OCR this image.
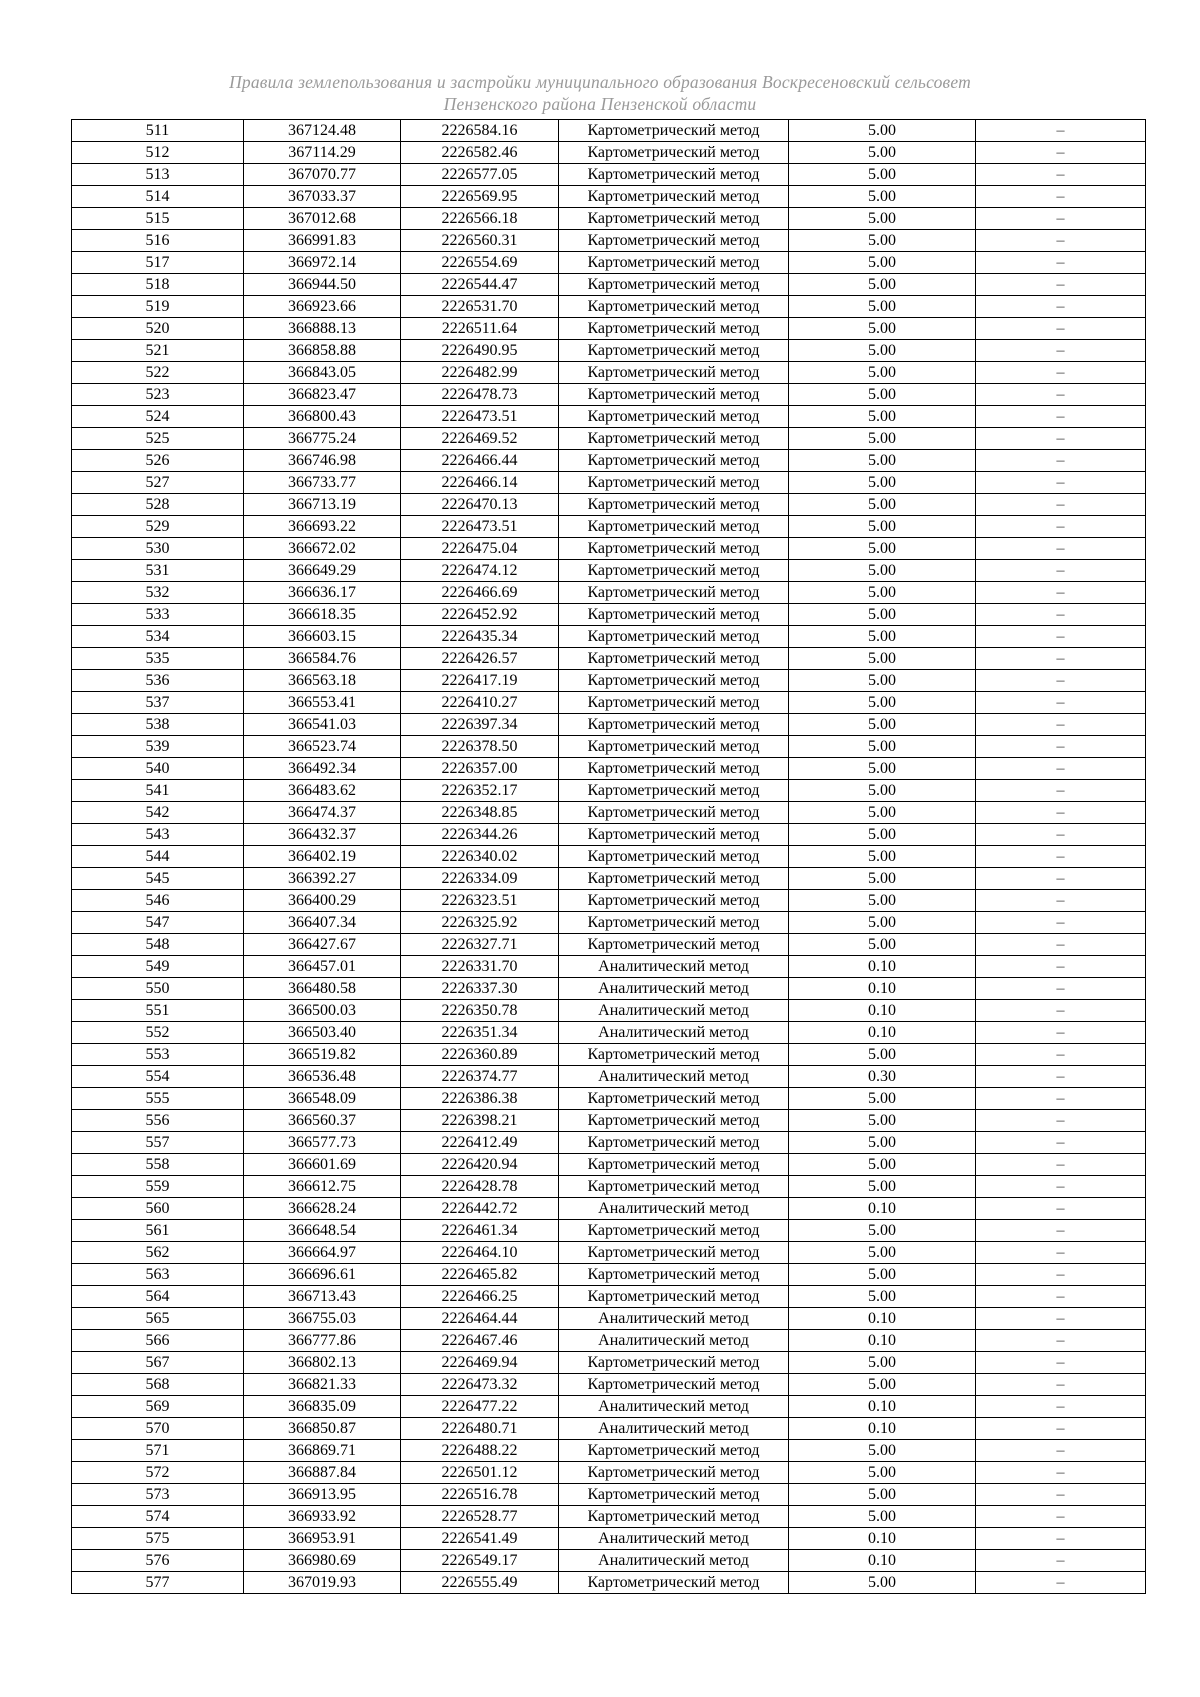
Правила землепользования и застройки муниципального образования Воскресеновский сельсовет
Пензенского района Пензенской области
511	367124.48	2226584.16	Картометрический метод	5.00	–
512	367114.29	2226582.46	Картометрический метод	5.00	–
513	367070.77	2226577.05	Картометрический метод	5.00	–
514	367033.37	2226569.95	Картометрический метод	5.00	–
515	367012.68	2226566.18	Картометрический метод	5.00	–
516	366991.83	2226560.31	Картометрический метод	5.00	–
517	366972.14	2226554.69	Картометрический метод	5.00	–
518	366944.50	2226544.47	Картометрический метод	5.00	–
519	366923.66	2226531.70	Картометрический метод	5.00	–
520	366888.13	2226511.64	Картометрический метод	5.00	–
521	366858.88	2226490.95	Картометрический метод	5.00	–
522	366843.05	2226482.99	Картометрический метод	5.00	–
523	366823.47	2226478.73	Картометрический метод	5.00	–
524	366800.43	2226473.51	Картометрический метод	5.00	–
525	366775.24	2226469.52	Картометрический метод	5.00	–
526	366746.98	2226466.44	Картометрический метод	5.00	–
527	366733.77	2226466.14	Картометрический метод	5.00	–
528	366713.19	2226470.13	Картометрический метод	5.00	–
529	366693.22	2226473.51	Картометрический метод	5.00	–
530	366672.02	2226475.04	Картометрический метод	5.00	–
531	366649.29	2226474.12	Картометрический метод	5.00	–
532	366636.17	2226466.69	Картометрический метод	5.00	–
533	366618.35	2226452.92	Картометрический метод	5.00	–
534	366603.15	2226435.34	Картометрический метод	5.00	–
535	366584.76	2226426.57	Картометрический метод	5.00	–
536	366563.18	2226417.19	Картометрический метод	5.00	–
537	366553.41	2226410.27	Картометрический метод	5.00	–
538	366541.03	2226397.34	Картометрический метод	5.00	–
539	366523.74	2226378.50	Картометрический метод	5.00	–
540	366492.34	2226357.00	Картометрический метод	5.00	–
541	366483.62	2226352.17	Картометрический метод	5.00	–
542	366474.37	2226348.85	Картометрический метод	5.00	–
543	366432.37	2226344.26	Картометрический метод	5.00	–
544	366402.19	2226340.02	Картометрический метод	5.00	–
545	366392.27	2226334.09	Картометрический метод	5.00	–
546	366400.29	2226323.51	Картометрический метод	5.00	–
547	366407.34	2226325.92	Картометрический метод	5.00	–
548	366427.67	2226327.71	Картометрический метод	5.00	–
549	366457.01	2226331.70	Аналитический метод	0.10	–
550	366480.58	2226337.30	Аналитический метод	0.10	–
551	366500.03	2226350.78	Аналитический метод	0.10	–
552	366503.40	2226351.34	Аналитический метод	0.10	–
553	366519.82	2226360.89	Картометрический метод	5.00	–
554	366536.48	2226374.77	Аналитический метод	0.30	–
555	366548.09	2226386.38	Картометрический метод	5.00	–
556	366560.37	2226398.21	Картометрический метод	5.00	–
557	366577.73	2226412.49	Картометрический метод	5.00	–
558	366601.69	2226420.94	Картометрический метод	5.00	–
559	366612.75	2226428.78	Картометрический метод	5.00	–
560	366628.24	2226442.72	Аналитический метод	0.10	–
561	366648.54	2226461.34	Картометрический метод	5.00	–
562	366664.97	2226464.10	Картометрический метод	5.00	–
563	366696.61	2226465.82	Картометрический метод	5.00	–
564	366713.43	2226466.25	Картометрический метод	5.00	–
565	366755.03	2226464.44	Аналитический метод	0.10	–
566	366777.86	2226467.46	Аналитический метод	0.10	–
567	366802.13	2226469.94	Картометрический метод	5.00	–
568	366821.33	2226473.32	Картометрический метод	5.00	–
569	366835.09	2226477.22	Аналитический метод	0.10	–
570	366850.87	2226480.71	Аналитический метод	0.10	–
571	366869.71	2226488.22	Картометрический метод	5.00	–
572	366887.84	2226501.12	Картометрический метод	5.00	–
573	366913.95	2226516.78	Картометрический метод	5.00	–
574	366933.92	2226528.77	Картометрический метод	5.00	–
575	366953.91	2226541.49	Аналитический метод	0.10	–
576	366980.69	2226549.17	Аналитический метод	0.10	–
577	367019.93	2226555.49	Картометрический метод	5.00	–
